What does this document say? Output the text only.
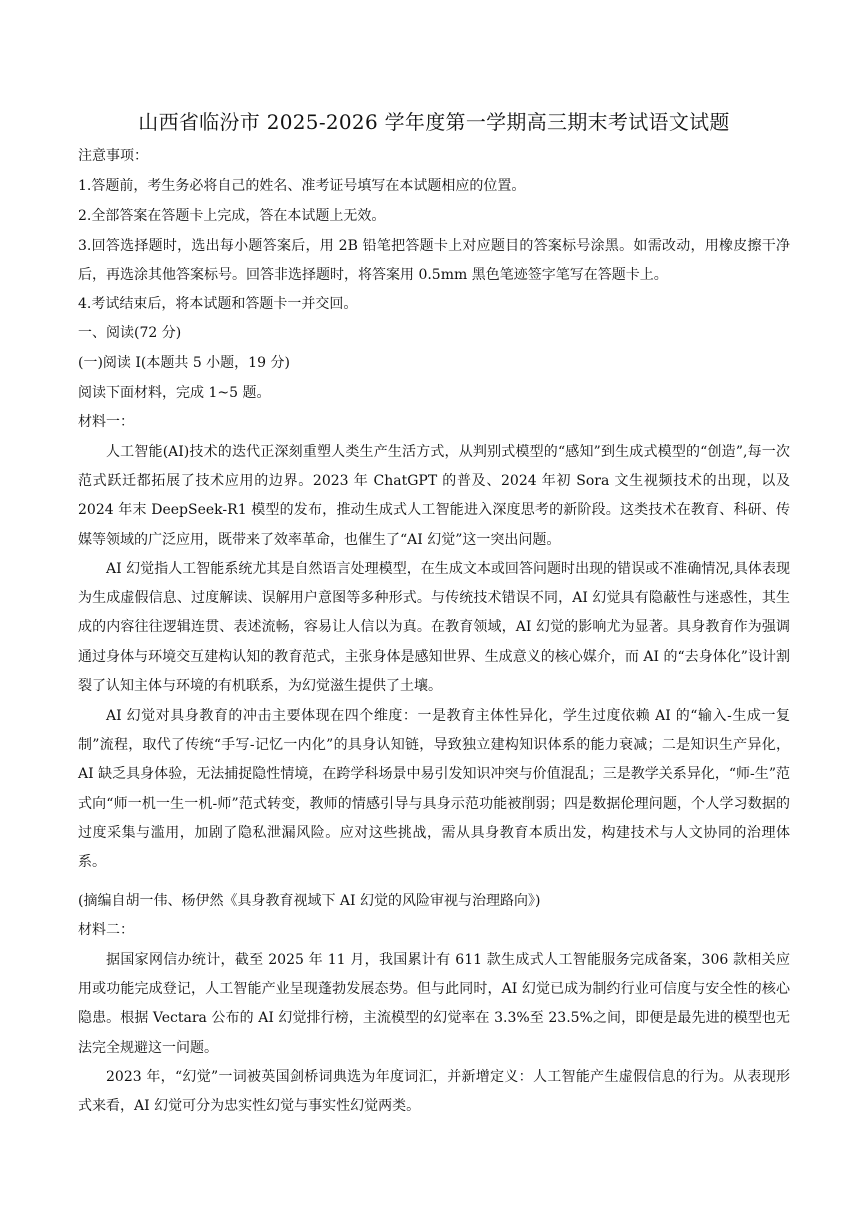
山西省临汾市 2025-2026 学年度第一学期高三期末考试语文试题
注意事项：
1.答题前，考生务必将自己的姓名、准考证号填写在本试题相应的位置。
2.全部答案在答题卡上完成，答在本试题上无效。
3.回答选择题时，选出每小题答案后，用 2B 铅笔把答题卡上对应题目的答案标号涂黑。如需改动，用橡皮擦干净后，再选涂其他答案标号。回答非选择题时，将答案用 0.5mm 黑色笔迹签字笔写在答题卡上。
4.考试结束后，将本试题和答题卡一并交回。
一、阅读(72 分)
(一)阅读 I(本题共 5 小题，19 分)
阅读下面材料，完成 1~5 题。
材料一：
人工智能(AI)技术的迭代正深刻重塑人类生产生活方式，从判别式模型的“感知”到生成式模型的“创造”,每一次范式跃迁都拓展了技术应用的边界。2023 年 ChatGPT 的普及、2024 年初 Sora 文生视频技术的出现，以及 2024 年末 DeepSeek-R1 模型的发布，推动生成式人工智能进入深度思考的新阶段。这类技术在教育、科研、传媒等领域的广泛应用，既带来了效率革命，也催生了“AI 幻觉”这一突出问题。
AI 幻觉指人工智能系统尤其是自然语言处理模型，在生成文本或回答问题时出现的错误或不准确情况,具体表现为生成虚假信息、过度解读、误解用户意图等多种形式。与传统技术错误不同，AI 幻觉具有隐蔽性与迷惑性，其生成的内容往往逻辑连贯、表述流畅，容易让人信以为真。在教育领域，AI 幻觉的影响尤为显著。具身教育作为强调通过身体与环境交互建构认知的教育范式，主张身体是感知世界、生成意义的核心媒介，而 AI 的“去身体化”设计割裂了认知主体与环境的有机联系，为幻觉滋生提供了土壤。
AI 幻觉对具身教育的冲击主要体现在四个维度：一是教育主体性异化，学生过度依赖 AI 的“输入-生成一复制”流程，取代了传统“手写-记忆一内化”的具身认知链，导致独立建构知识体系的能力衰减；二是知识生产异化，AI 缺乏具身体验，无法捕捉隐性情境，在跨学科场景中易引发知识冲突与价值混乱；三是教学关系异化，“师-生”范式向“师一机一生一机-师”范式转变，教师的情感引导与具身示范功能被削弱；四是数据伦理问题，个人学习数据的过度采集与滥用，加剧了隐私泄漏风险。应对这些挑战，需从具身教育本质出发，构建技术与人文协同的治理体系。
(摘编自胡一伟、杨伊然《具身教育视域下 AI 幻觉的风险审视与治理路向》)
材料二：
据国家网信办统计，截至 2025 年 11 月，我国累计有 611 款生成式人工智能服务完成备案，306 款相关应用或功能完成登记，人工智能产业呈现蓬勃发展态势。但与此同时，AI 幻觉已成为制约行业可信度与安全性的核心隐患。根据 Vectara 公布的 AI 幻觉排行榜，主流模型的幻觉率在 3.3%至 23.5%之间，即便是最先进的模型也无法完全规避这一问题。
2023 年，“幻觉”一词被英国剑桥词典选为年度词汇，并新增定义：人工智能产生虚假信息的行为。从表现形式来看，AI 幻觉可分为忠实性幻觉与事实性幻觉两类。
